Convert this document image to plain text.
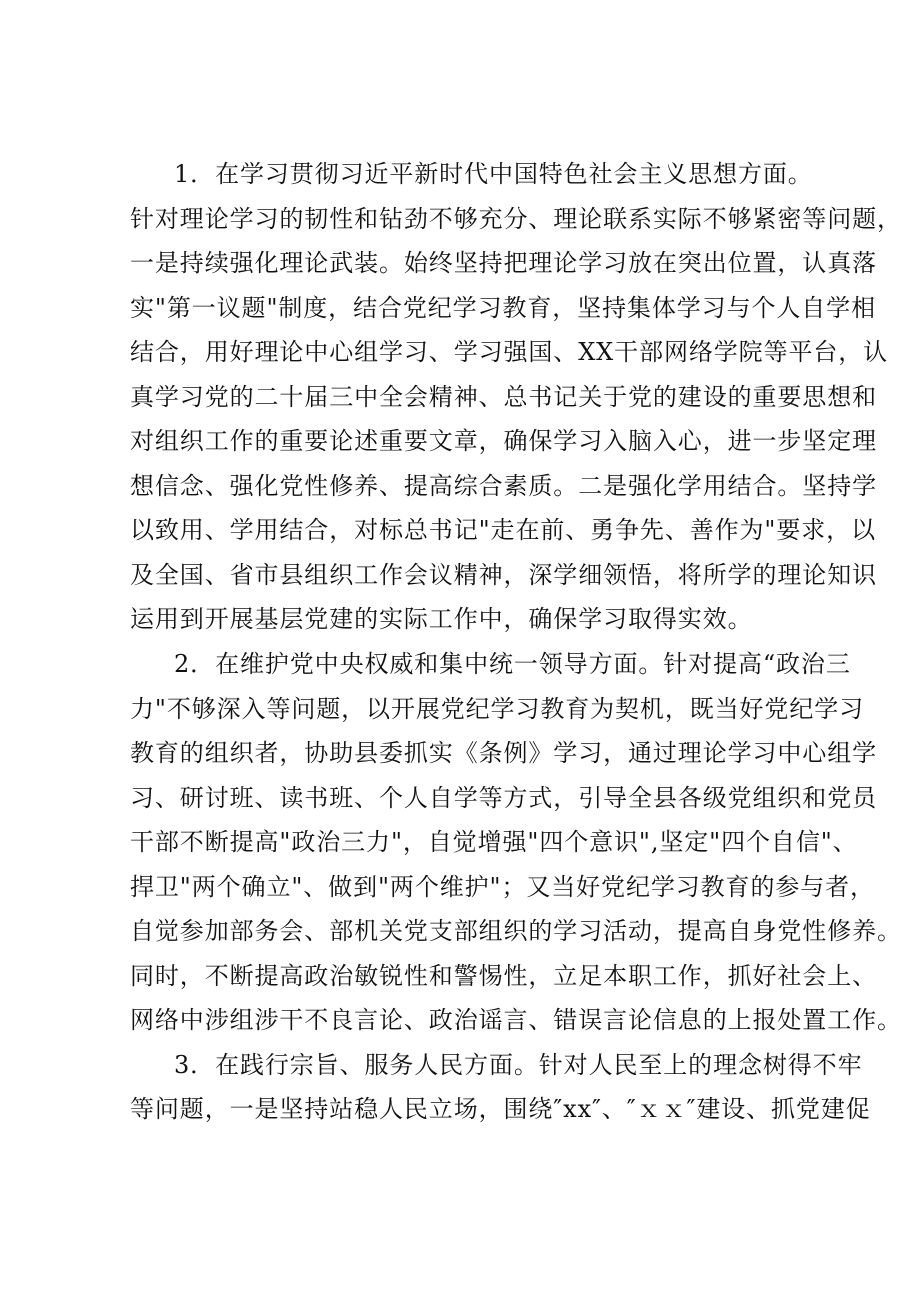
1．在学习贯彻习近平新时代中国特色社会主义思想方面。
针对理论学习的韧性和钻劲不够充分、理论联系实际不够紧密等问题，
一是持续强化理论武装。始终坚持把理论学习放在突出位置，认真落
实"第一议题"制度，结合党纪学习教育，坚持集体学习与个人自学相
结合，用好理论中心组学习、学习强国、XX干部网络学院等平台，认
真学习党的二十届三中全会精神、总书记关于党的建设的重要思想和
对组织工作的重要论述重要文章，确保学习入脑入心，进一步坚定理
想信念、强化党性修养、提高综合素质。二是强化学用结合。坚持学
以致用、学用结合，对标总书记"走在前、勇争先、善作为"要求，以
及全国、省市县组织工作会议精神，深学细领悟，将所学的理论知识
运用到开展基层党建的实际工作中，确保学习取得实效。
2．在维护党中央权威和集中统一领导方面。针对提高“政治三
力"不够深入等问题，以开展党纪学习教育为契机，既当好党纪学习
教育的组织者，协助县委抓实《条例》学习，通过理论学习中心组学
习、研讨班、读书班、个人自学等方式，引导全县各级党组织和党员
干部不断提高"政治三力"，自觉增强"四个意识",坚定"四个自信"、
捍卫"两个确立"、做到"两个维护"；又当好党纪学习教育的参与者，
自觉参加部务会、部机关党支部组织的学习活动，提高自身党性修养。
同时，不断提高政治敏锐性和警惕性，立足本职工作，抓好社会上、
网络中涉组涉干不良言论、政治谣言、错误言论信息的上报处置工作。
3．在践行宗旨、服务人民方面。针对人民至上的理念树得不牢
等问题，一是坚持站稳人民立场，围绕″xx″、″ｘｘ″建设、抓党建促
